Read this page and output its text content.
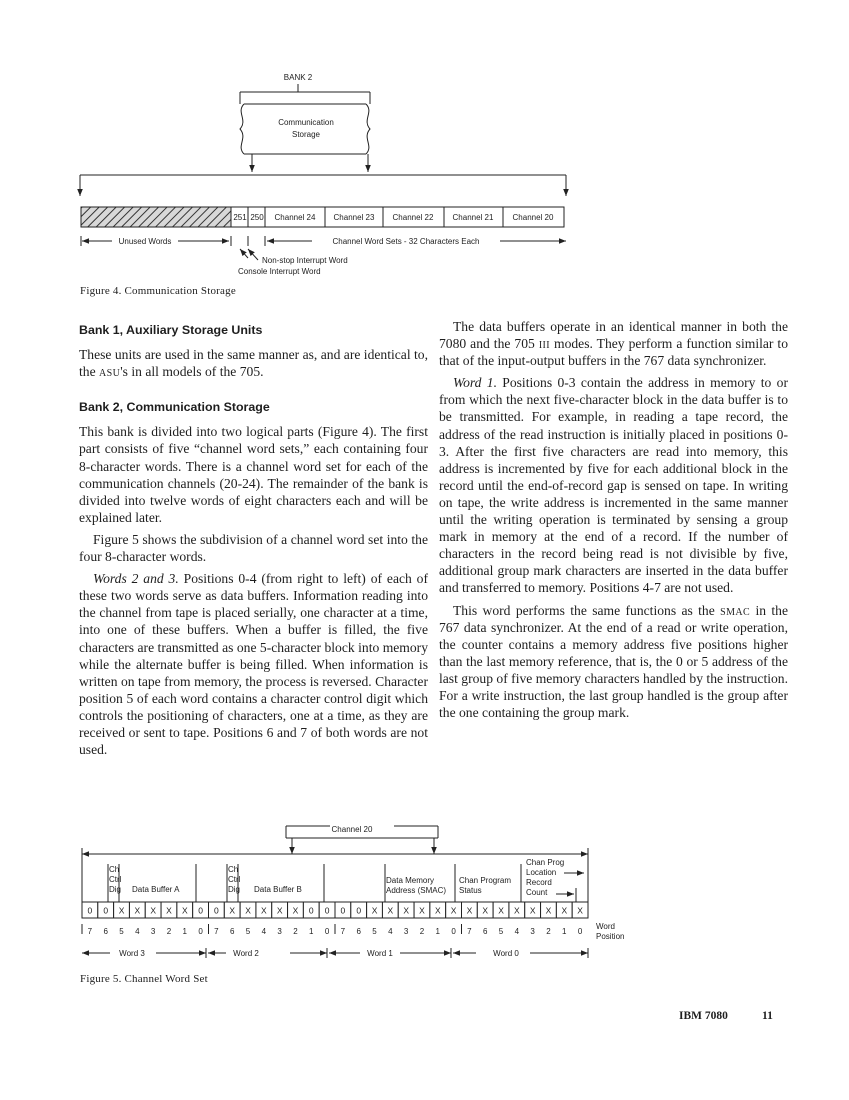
BANK 2
Communication
Storage
251 250 Channel 24 Channel 23 Channel 22 Channel 21 Channel 20
Unused Words	Channel Word Sets - 32 Characters Each
Non-stop Interrupt Word
Console Interrupt Word
Figure 4. Communication Storage
Bank 1, Auxiliary Storage Units

These units are used in the same manner as, and are identical to, the asu's in all models of the 705.

Bank 2, Communication Storage

This bank is divided into two logical parts (Figure 4). The first part consists of five “channel word sets,” each containing four 8-character words. There is a channel word set for each of the communication channels (20-24). The remainder of the bank is divided into twelve words of eight characters each and will be explained later.

Figure 5 shows the subdivision of a channel word set into the four 8-character words.

Words 2 and 3. Positions 0-4 (from right to left) of each of these two words serve as data buffers. Information reading into the channel from tape is placed serially, one character at a time, into one of these buffers. When a buffer is filled, the five characters are transmitted as one 5-character block into memory while the alternate buffer is being filled. When information is written on tape from memory, the process is reversed. Character position 5 of each word contains a character control digit which controls the positioning of characters, one at a time, as they are received or sent to tape. Positions 6 and 7 of both words are not used.

The data buffers operate in an identical manner in both the 7080 and the 705 iii modes. They perform a function similar to that of the input-output buffers in the 767 data synchronizer.

Word 1. Positions 0-3 contain the address in memory to or from which the next five-character block in the data buffer is to be transmitted. For example, in reading a tape record, the address of the read instruction is initially placed in positions 0-3. After the first five characters are read into memory, this address is incremented by five for each additional block in the record until the end-of-record gap is sensed on tape. In writing on tape, the write address is incremented in the same manner until the writing operation is terminated by sensing a group mark in memory at the end of a record. If the number of characters in the record being read is not divisible by five, additional group mark characters are inserted in the data buffer and transferred to memory. Positions 4-7 are not used.

This word performs the same functions as the smac in the 767 data synchronizer. At the end of a read or write operation, the counter contains a memory address five positions higher than the last memory reference, that is, the 0 or 5 address of the last group of five memory characters handled by the instruction. For a write instruction, the last group handled is the group after the one containing the group mark.

Channel 20
Ch
Ctrl
Dig Data Buffer A
Ch
Ctrl
Dig Data Buffer B
Data Memory
Address (SMAC)
Chan Program
Status
Chan Prog
Location
Record
Count
0 0 X X X X X 0 0 X X X X X 0 0 0 0 X X X X X X X X X X X X X X
7 6 5 4 3 2 1 0 7 6 5 4 3 2 1 0 7 6 5 4 3 2 1 0 7 6 5 4 3 2 1 0
Word
Position
Word 3	Word 2	Word 1	Word 0
Figure 5. Channel Word Set
IBM 7080	11
